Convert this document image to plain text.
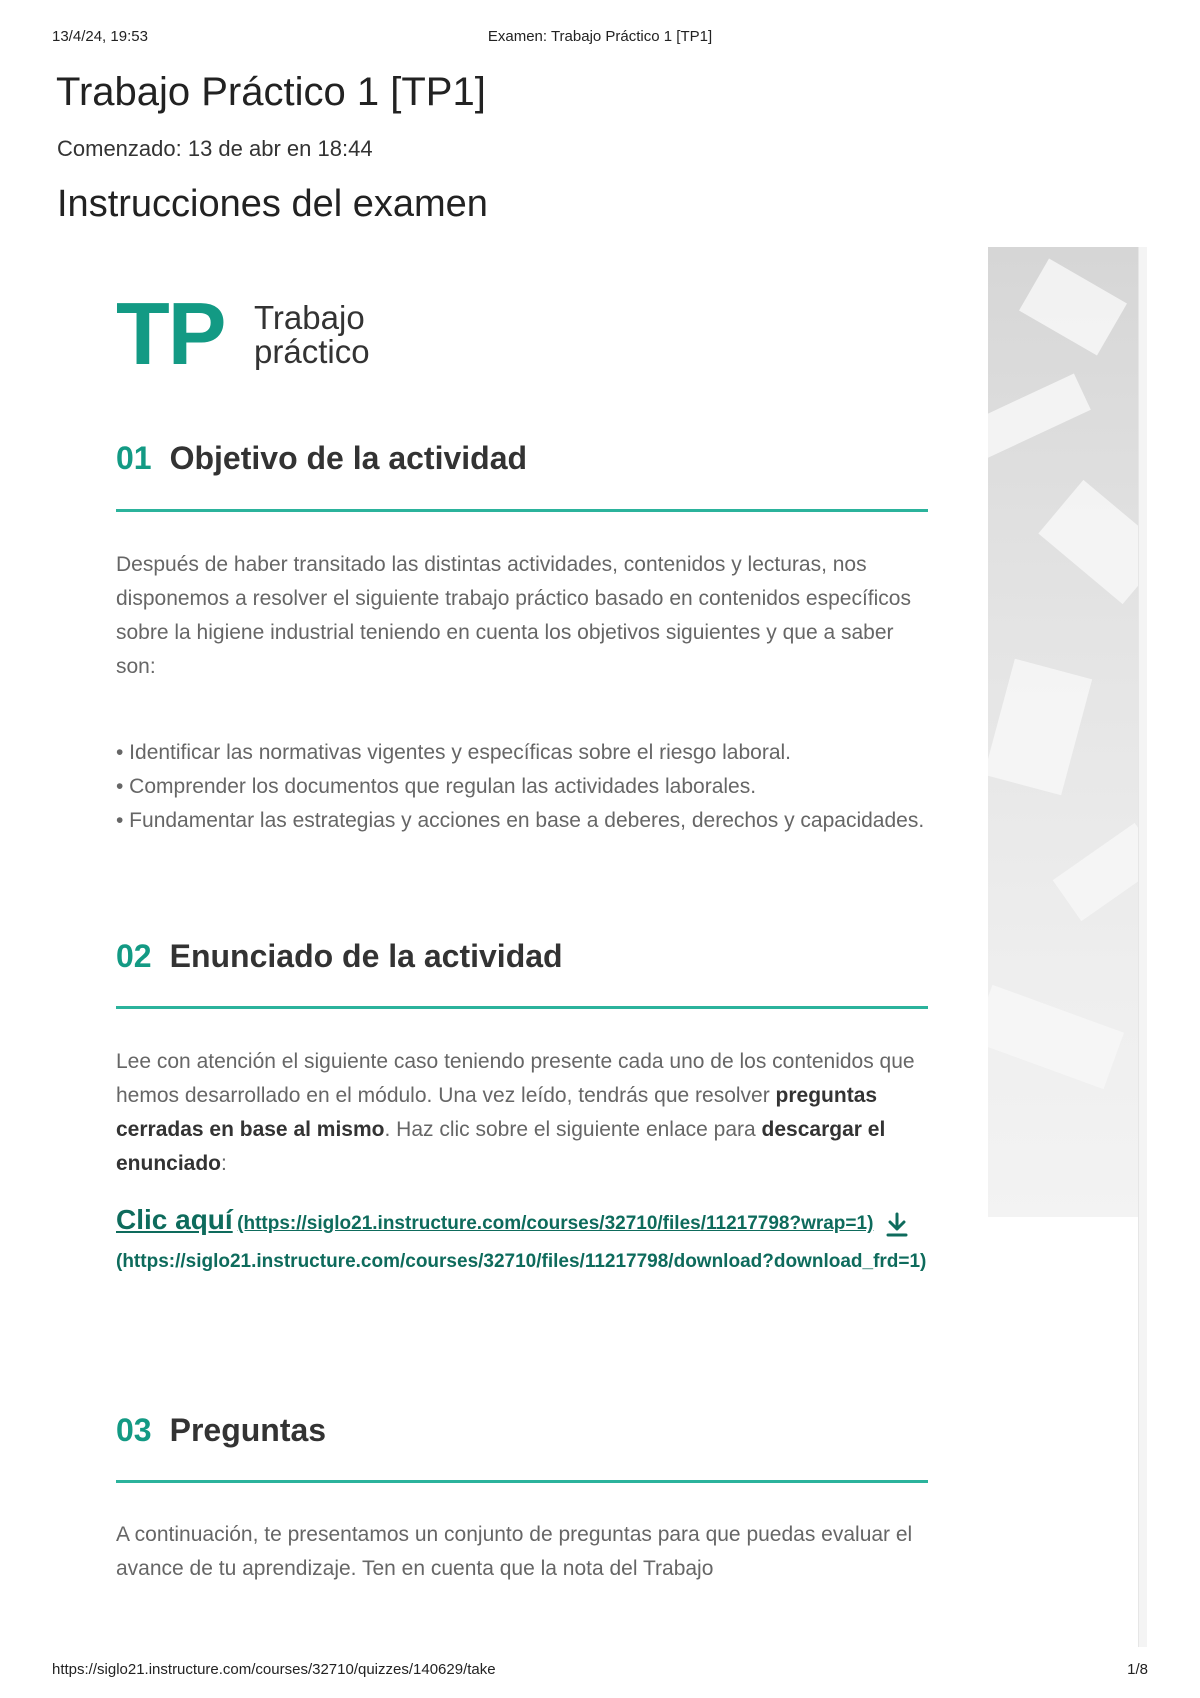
13/4/24, 19:53	Examen: Trabajo Práctico 1 [TP1]
Trabajo Práctico 1 [TP1]
Comenzado: 13 de abr en 18:44
Instrucciones del examen
TP Trabajo
práctico
01 Objetivo de la actividad

Después de haber transitado las distintas actividades, contenidos y lecturas, nos disponemos a resolver el siguiente trabajo práctico basado en contenidos específicos sobre la higiene industrial teniendo en cuenta los objetivos siguientes y que a saber son:

• Identificar las normativas vigentes y específicas sobre el riesgo laboral.
• Comprender los documentos que regulan las actividades laborales.
• Fundamentar las estrategias y acciones en base a deberes, derechos y capacidades.
02 Enunciado de la actividad

Lee con atención el siguiente caso teniendo presente cada uno de los contenidos que hemos desarrollado en el módulo. Una vez leído, tendrás que resolver preguntas cerradas en base al mismo. Haz clic sobre el siguiente enlace para descargar el enunciado:

Clic aquí (https://siglo21.instructure.com/courses/32710/files/11217798?wrap=1)
(https://siglo21.instructure.com/courses/32710/files/11217798/download?download_frd=1)
03 Preguntas

A continuación, te presentamos un conjunto de preguntas para que puedas evaluar el avance de tu aprendizaje. Ten en cuenta que la nota del Trabajo

https://siglo21.instructure.com/courses/32710/quizzes/140629/take	1/8
